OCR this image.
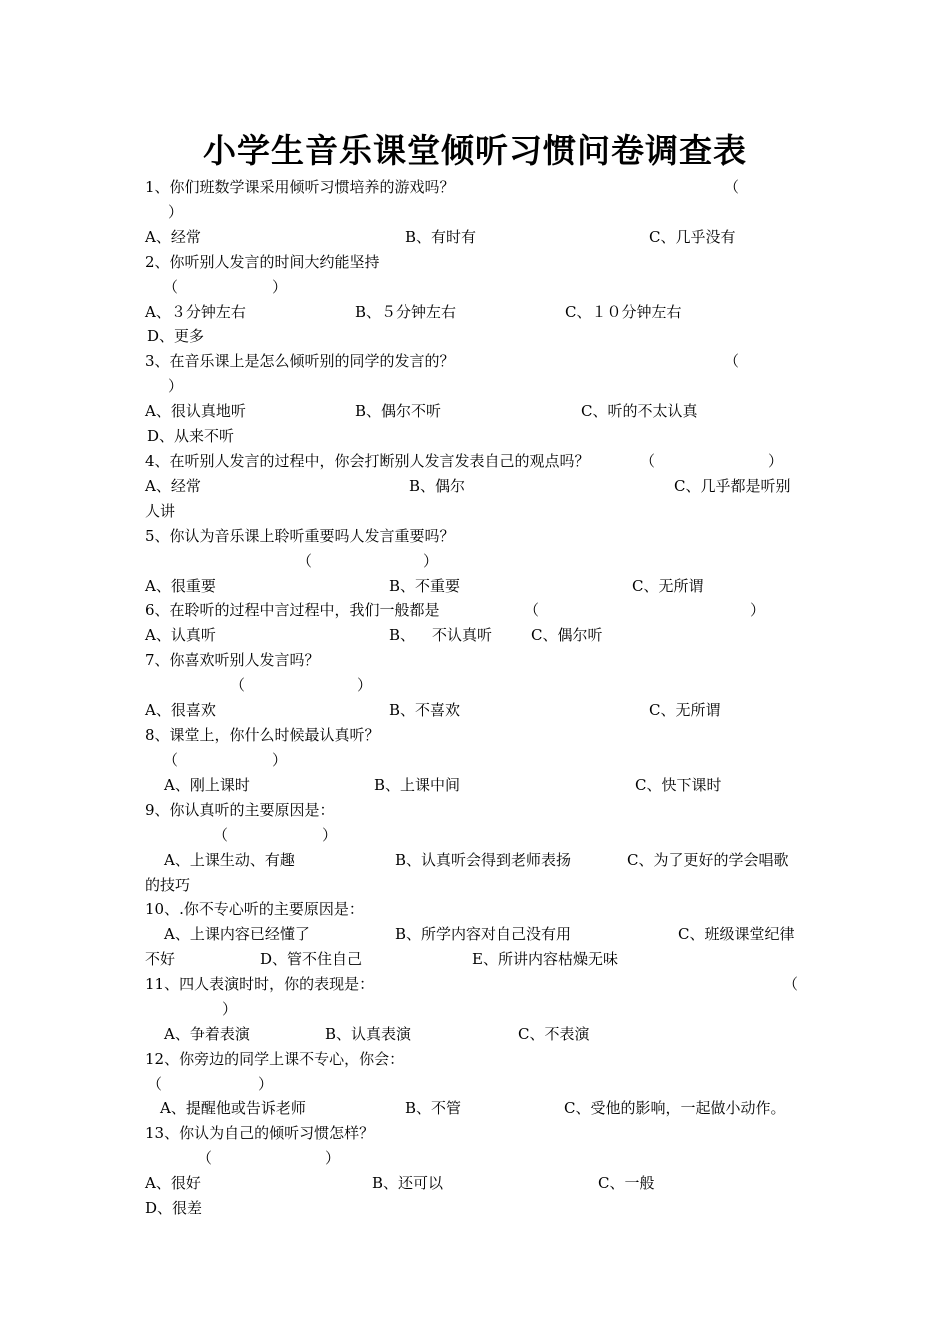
小学生音乐课堂倾听习惯问卷调查表
1、你们班数学课采用倾听习惯培养的游戏吗？	（
）
A、经常	B、有时有	C、几乎没有
2、你听别人发言的时间大约能坚持
（	）
A、３分钟左右	B、５分钟左右	C、１０分钟左右
D、更多
3、在音乐课上是怎么倾听别的同学的发言的？	（
）
A、很认真地听	B、偶尔不听	C、听的不太认真
D、从来不听
4、在听别人发言的过程中，你会打断别人发言发表自己的观点吗？	（	）
A、经常	B、偶尔	C、几乎都是听别
人讲
5、你认为音乐课上聆听重要吗人发言重要吗？
（	）
A、很重要	B、不重要	C、无所谓
6、在聆听的过程中言过程中，我们一般都是	（	）
A、认真听	B、 不认真听	C、偶尔听
7、你喜欢听别人发言吗？
（	）
A、很喜欢	B、不喜欢	C、无所谓
8、课堂上，你什么时候最认真听？
（	）
A、刚上课时	B、上课中间	C、快下课时
9、你认真听的主要原因是：
（	）
A、上课生动、有趣	B、认真听会得到老师表扬	C、为了更好的学会唱歌
的技巧
10、.你不专心听的主要原因是：
A、上课内容已经懂了	B、所学内容对自己没有用	C、班级课堂纪律
不好	D、管不住自己	E、所讲内容枯燥无味
11、四人表演时时，你的表现是：	（
）
A、争着表演	B、认真表演	C、不表演
12、你旁边的同学上课不专心，你会：
（	）
A、提醒他或告诉老师	B、不管	C、受他的影响，一起做小动作。
13、你认为自己的倾听习惯怎样？
（	）
A、很好	B、还可以	C、一般
D、很差
